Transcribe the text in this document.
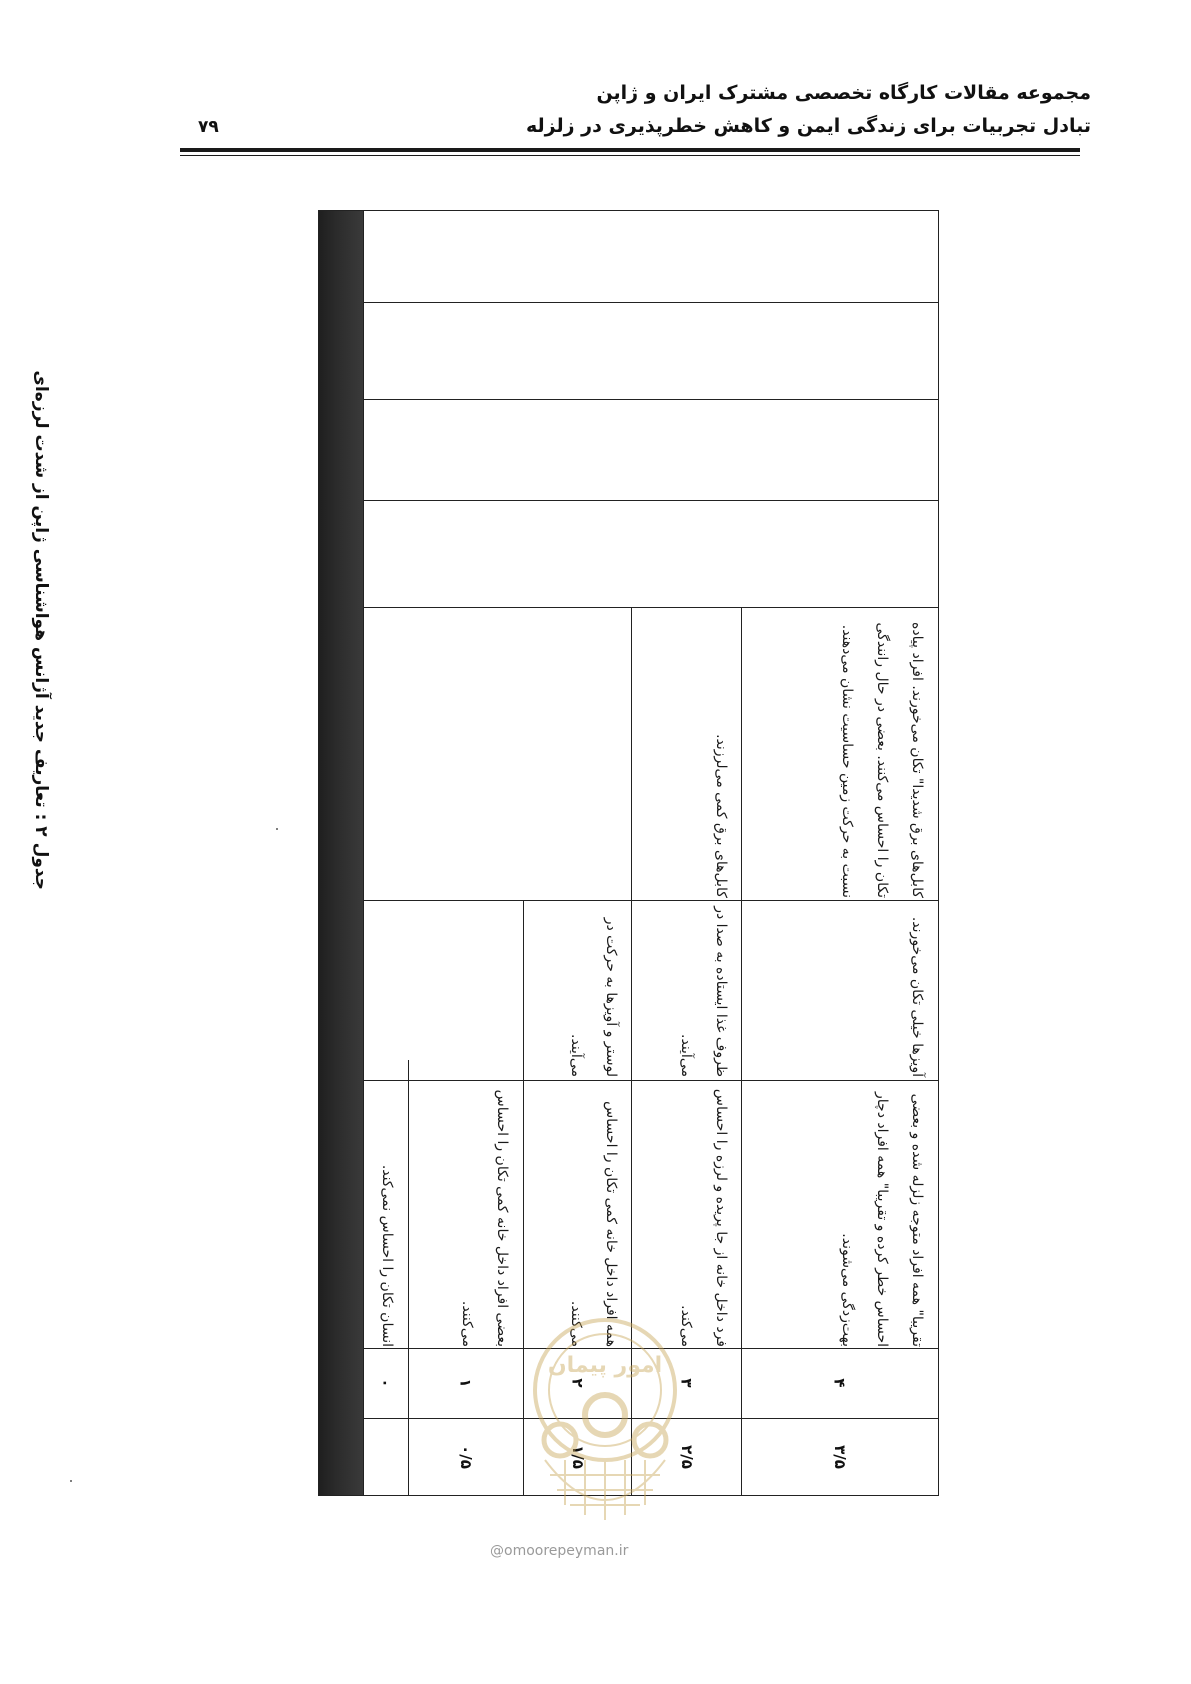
مجموعه مقالات کارگاه تخصصی مشترک ایران و ژاپن
تبادل تجربیات برای زندگی ایمن و کاهش خطرپذیری در زلزله
۷۹
جدول ۲ : تعاریف جدید آژانس هواشناسی ژاپن از شدت لرزه‌ای
انسان تکان را احساس نمی‌کند.
۰
بعضی افراد داخل خانه کمی تکان را احساس می‌کنند.
۱
۰/۵
همه افراد داخل خانه کمی تکان را احساس می‌کنند.
لوستر و آویزها به حرکت در می‌آیند.
۲
۱/۵
فرد داخل خانه از جا پریده و لرزه را احساس می‌کند.
ظروف غذا ایستاده به صدا در می‌آیند.
کابل‌های برق کمی می‌لرزند.
۳
۲/۵
تقریبا" همه افراد متوجه زلزله شده و بعضی احساس خطر کرده و تقریبا" همه افراد دچار بهت‌زدگی می‌شوند.
آویزها خیلی تکان می‌خورند.
کابل‌های برق شدیدا" تکان می‌خورند. افراد پیاده تکان را احساس می‌کنند. بعضی در حال رانندگی نسبت به حرکت زمین حساسیت نشان می‌دهند.
۴
۳/۵
امور پیمان
@omoorepeyman.ir
